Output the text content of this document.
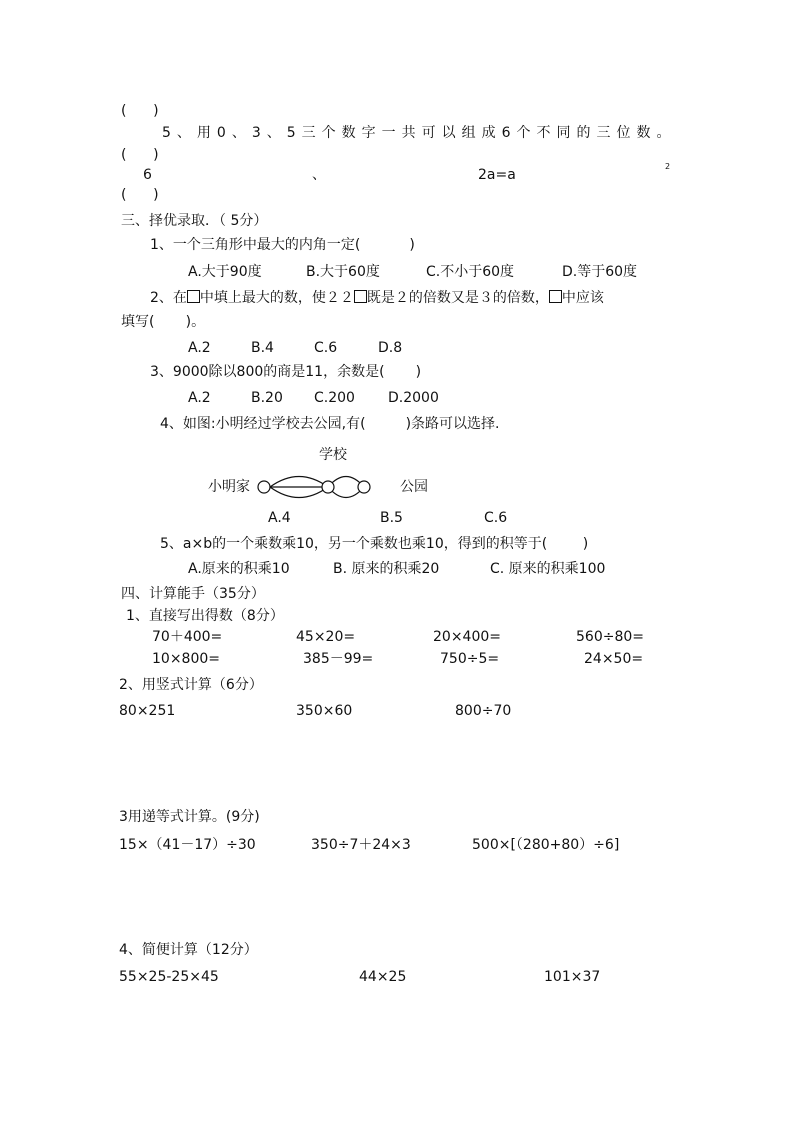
(      )
5、用0、3、5三个数字一共可以组成6个不同的三位数。
(      )
6	、	2a=a
2
(      )
三、择优录取．（ 5分）
1、一个三角形中最大的内角一定(           )
A.大于90度	B.大于60度	C.不小于60度	D.等于60度
2、在 中填上最大的数，使２２ 既是２的倍数又是３的倍数， 中应该
填写(       )。
A.2	B.4	C.6	D.8
3、9000除以800的商是11，余数是(       )
A.2	B.20 C.200 D.2000
4、如图:小明经过学校去公园,有(         )条路可以选择.
学校
小明家	公园
A.4	B.5	C.6
5、a×b的一个乘数乘10，另一个乘数也乘10，得到的积等于(        )
A.原来的积乘10	B. 原来的积乘20	C. 原来的积乘100
四、计算能手（35分）
1、直接写出得数（8分）
70＋400=	45×20=	20×400=	560÷80=
10×800=	385－99=	750÷5=	24×50=
2、用竖式计算（6分）
80×251	350×60	800÷70
3用递等式计算。(9分)
15×（41－17）÷30	350÷7＋24×3	500×[（280+80）÷6]
4、简便计算（12分）
55×25-25×45	44×25	101×37
